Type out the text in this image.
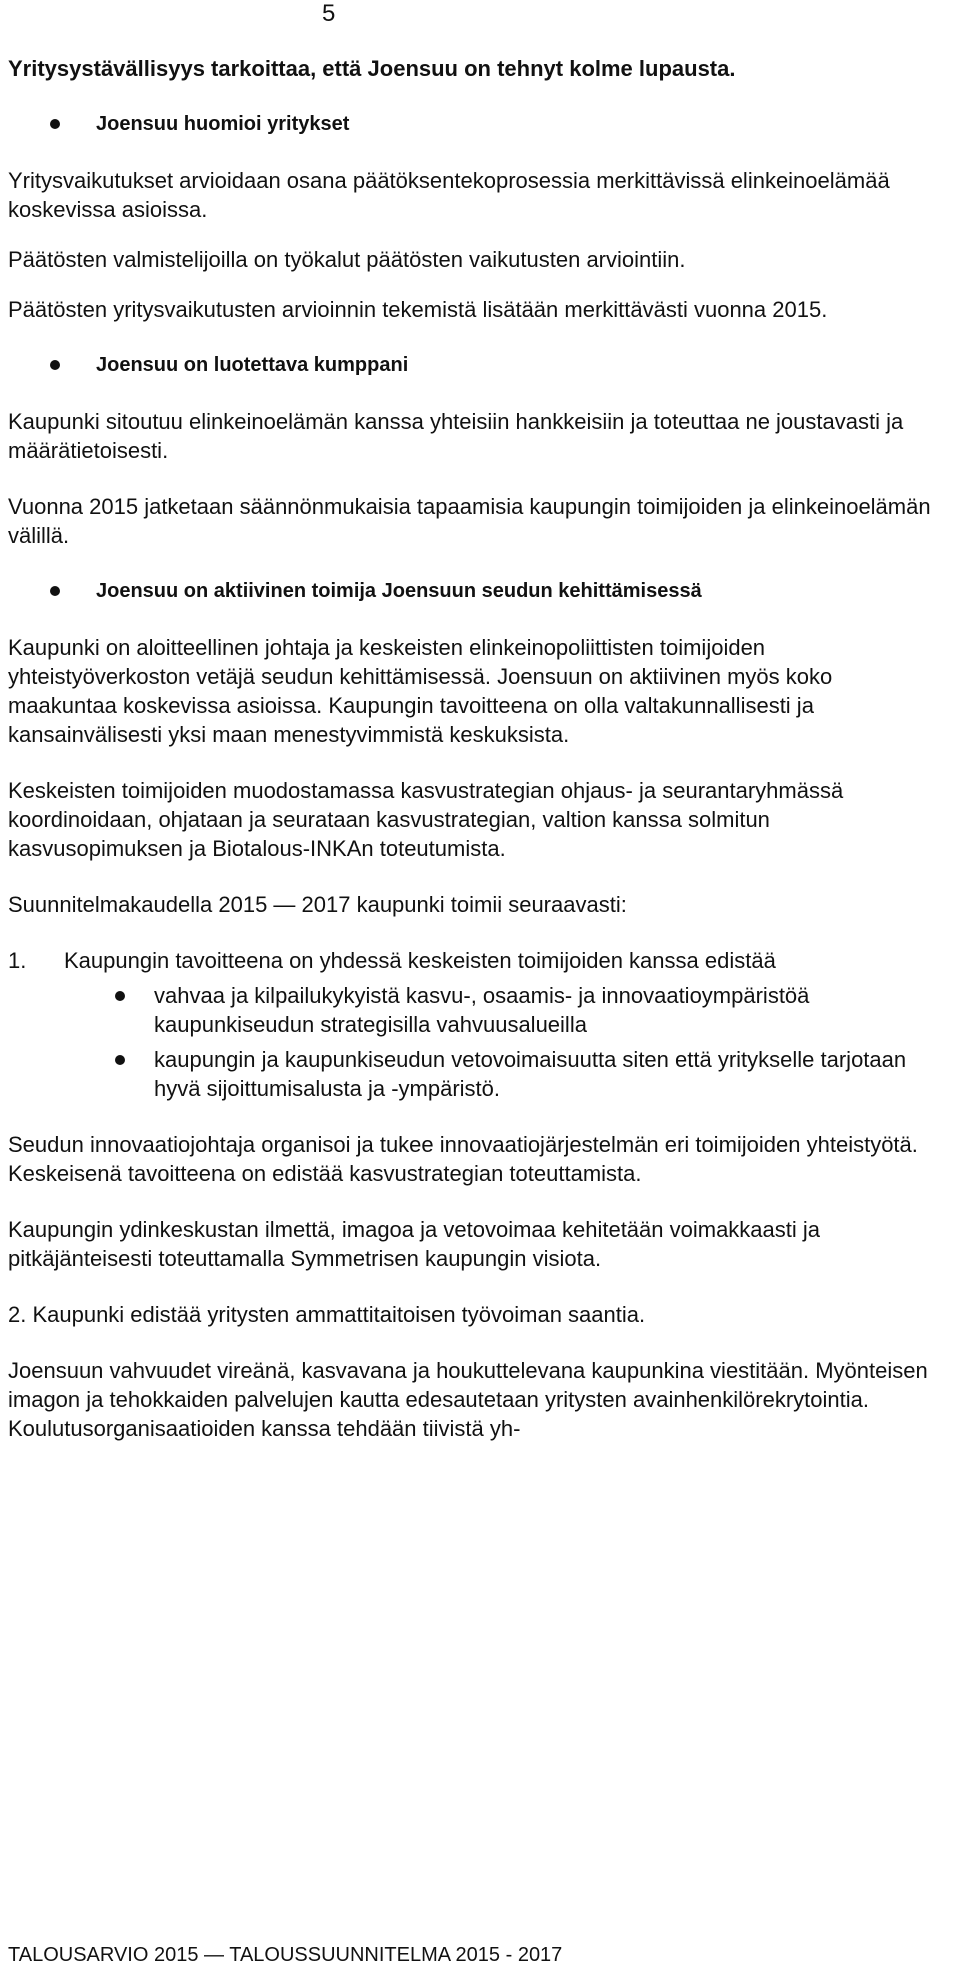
5

Yritysystävällisyys tarkoittaa, että Joensuu on tehnyt kolme lupausta.

Joensuu huomioi yritykset

Yritysvaikutukset arvioidaan osana päätöksentekoprosessia merkittävissä elinkeinoelämää koskevissa asioissa.

Päätösten valmistelijoilla on työkalut päätösten vaikutusten arviointiin.

Päätösten yritysvaikutusten arvioinnin tekemistä lisätään merkittävästi vuonna 2015.

Joensuu on luotettava kumppani

Kaupunki sitoutuu elinkeinoelämän kanssa yhteisiin hankkeisiin ja toteuttaa ne joustavasti ja määrätietoisesti.

Vuonna 2015 jatketaan säännönmukaisia tapaamisia kaupungin toimijoiden ja elinkeinoelämän välillä.

Joensuu on aktiivinen toimija Joensuun seudun kehittämisessä

Kaupunki on aloitteellinen johtaja ja keskeisten elinkeinopoliittisten toimijoiden yhteistyöverkoston vetäjä seudun kehittämisessä. Joensuun on aktiivinen myös koko maakuntaa koskevissa asioissa. Kaupungin tavoitteena on olla valtakunnallisesti ja kansainvälisesti yksi maan menestyvimmistä keskuksista.

Keskeisten toimijoiden muodostamassa kasvustrategian ohjaus- ja seurantaryhmässä koordinoidaan, ohjataan ja seurataan kasvustrategian, valtion kanssa solmitun kasvusopimuksen ja Biotalous-INKAn toteutumista.

Suunnitelmakaudella 2015 — 2017 kaupunki toimii seuraavasti:

1. Kaupungin tavoitteena on yhdessä keskeisten toimijoiden kanssa edistää
vahvaa ja kilpailukykyistä kasvu-, osaamis- ja innovaatioympäristöä kaupunkiseudun strategisilla vahvuusalueilla
kaupungin ja kaupunkiseudun vetovoimaisuutta siten että yritykselle tarjotaan hyvä sijoittumisalusta ja -ympäristö.

Seudun innovaatiojohtaja organisoi ja tukee innovaatiojärjestelmän eri toimijoiden yhteistyötä. Keskeisenä tavoitteena on edistää kasvustrategian toteuttamista.

Kaupungin ydinkeskustan ilmettä, imagoa ja vetovoimaa kehitetään voimakkaasti ja pitkäjänteisesti toteuttamalla Symmetrisen kaupungin visiota.

2. Kaupunki edistää yritysten ammattitaitoisen työvoiman saantia.

Joensuun vahvuudet vireänä, kasvavana ja houkuttelevana kaupunkina viestitään. Myönteisen imagon ja tehokkaiden palvelujen kautta edesautetaan yritysten avainhenkilörekrytointia. Koulutusorganisaatioiden kanssa tehdään tiivistä yh-

TALOUSARVIO 2015 — TALOUSSUUNNITELMA 2015 - 2017
